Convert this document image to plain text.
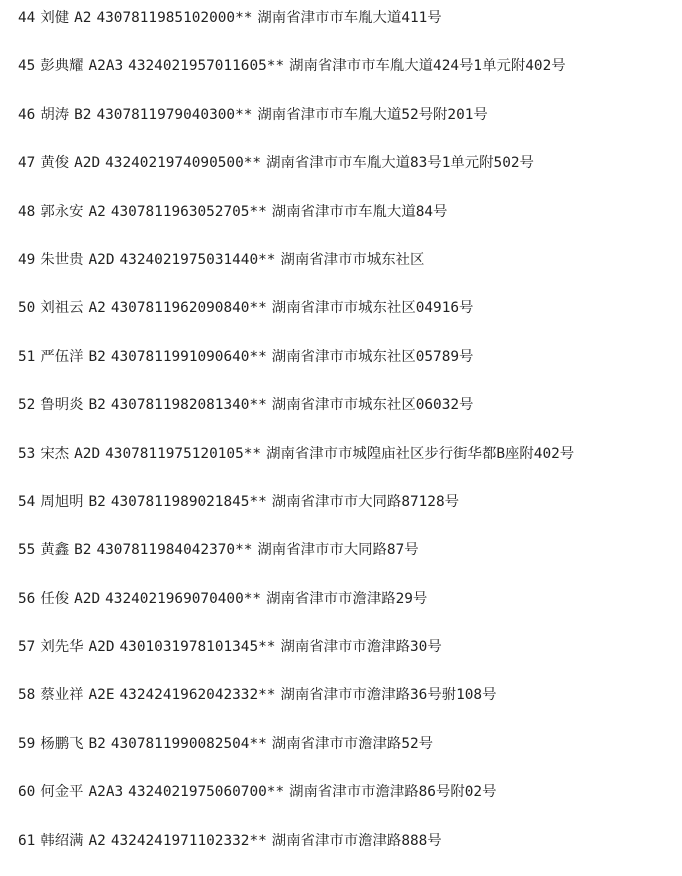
44 刘健 A2 4307811985102000** 湖南省津市市车胤大道411号
45 彭典耀 A2A3 4324021957011605** 湖南省津市市车胤大道424号1单元附402号
46 胡涛 B2 4307811979040300** 湖南省津市市车胤大道52号附201号
47 黄俊 A2D 4324021974090500** 湖南省津市市车胤大道83号1单元附502号
48 郭永安 A2 4307811963052705** 湖南省津市市车胤大道84号
49 朱世贵 A2D 4324021975031440** 湖南省津市市城东社区
50 刘祖云 A2 4307811962090840** 湖南省津市市城东社区04916号
51 严伍洋 B2 4307811991090640** 湖南省津市市城东社区05789号
52 鲁明炎 B2 4307811982081340** 湖南省津市市城东社区06032号
53 宋杰 A2D 4307811975120105** 湖南省津市市城隍庙社区步行街华都B座附402号
54 周旭明 B2 4307811989021845** 湖南省津市市大同路87128号
55 黄鑫 B2 4307811984042370** 湖南省津市市大同路87号
56 任俊 A2D 4324021969070400** 湖南省津市市澹津路29号
57 刘先华 A2D 4301031978101345** 湖南省津市市澹津路30号
58 蔡业祥 A2E 4324241962042332** 湖南省津市市澹津路36号驸108号
59 杨鹏飞 B2 4307811990082504** 湖南省津市市澹津路52号
60 何金平 A2A3 4324021975060700** 湖南省津市市澹津路86号附02号
61 韩绍满 A2 4324241971102332** 湖南省津市市澹津路888号
